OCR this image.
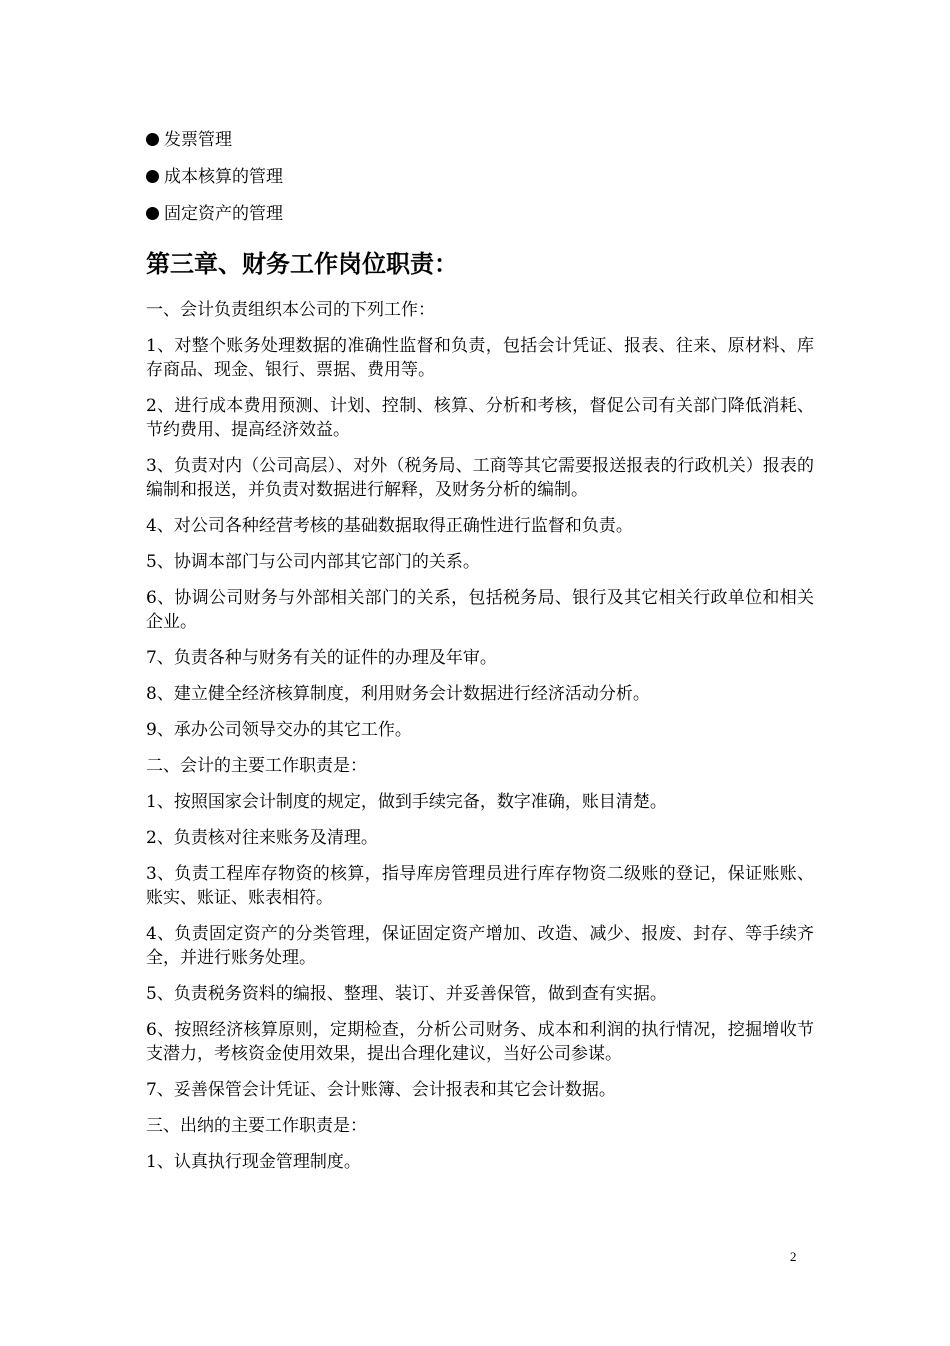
发票管理
成本核算的管理
固定资产的管理
第三章、财务工作岗位职责：

一、会计负责组织本公司的下列工作：

1、对整个账务处理数据的准确性监督和负责，包括会计凭证、报表、往来、原材料、库存商品、现金、银行、票据、费用等。

2、进行成本费用预测、计划、控制、核算、分析和考核，督促公司有关部门降低消耗、节约费用、提高经济效益。

3、负责对内（公司高层）、对外（税务局、工商等其它需要报送报表的行政机关）报表的编制和报送，并负责对数据进行解释，及财务分析的编制。

4、对公司各种经营考核的基础数据取得正确性进行监督和负责。

5、协调本部门与公司内部其它部门的关系。

6、协调公司财务与外部相关部门的关系，包括税务局、银行及其它相关行政单位和相关企业。

7、负责各种与财务有关的证件的办理及年审。

8、建立健全经济核算制度，利用财务会计数据进行经济活动分析。

9、承办公司领导交办的其它工作。

二、会计的主要工作职责是：

1、按照国家会计制度的规定，做到手续完备，数字准确，账目清楚。

2、负责核对往来账务及清理。

3、负责工程库存物资的核算，指导库房管理员进行库存物资二级账的登记，保证账账、账实、账证、账表相符。

4、负责固定资产的分类管理，保证固定资产增加、改造、减少、报废、封存、等手续齐全，并进行账务处理。

5、负责税务资料的编报、整理、装订、并妥善保管，做到查有实据。

6、按照经济核算原则，定期检查，分析公司财务、成本和利润的执行情况，挖掘增收节支潜力，考核资金使用效果，提出合理化建议，当好公司参谋。

7、妥善保管会计凭证、会计账簿、会计报表和其它会计数据。

三、出纳的主要工作职责是：

1、认真执行现金管理制度。

2
